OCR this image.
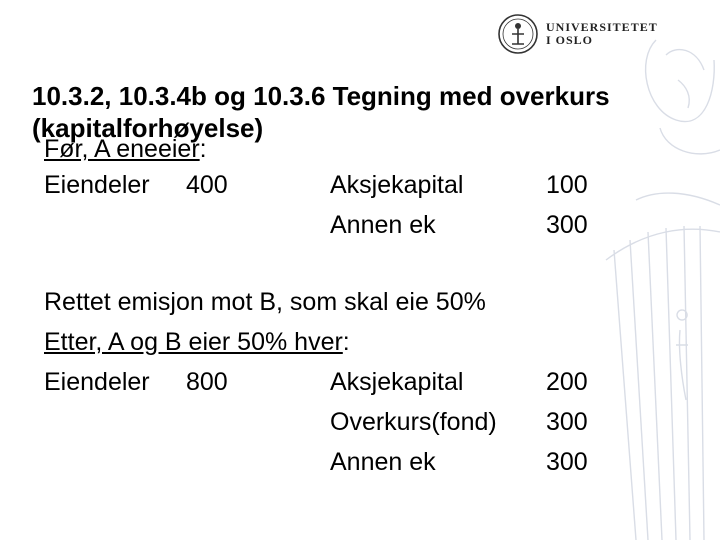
UNIVERSITETET
I OSLO
10.3.2, 10.3.4b og 10.3.6 Tegning med overkurs (kapitalforhøyelse)
Før, A eneeier:
Eiendeler 400	Aksjekapital	100
Annen ek	300
Rettet emisjon mot B, som skal eie 50%
Etter, A og B eier 50% hver:
Eiendeler 800	Aksjekapital	200
Overkurs(fond) 300
Annen ek	300
